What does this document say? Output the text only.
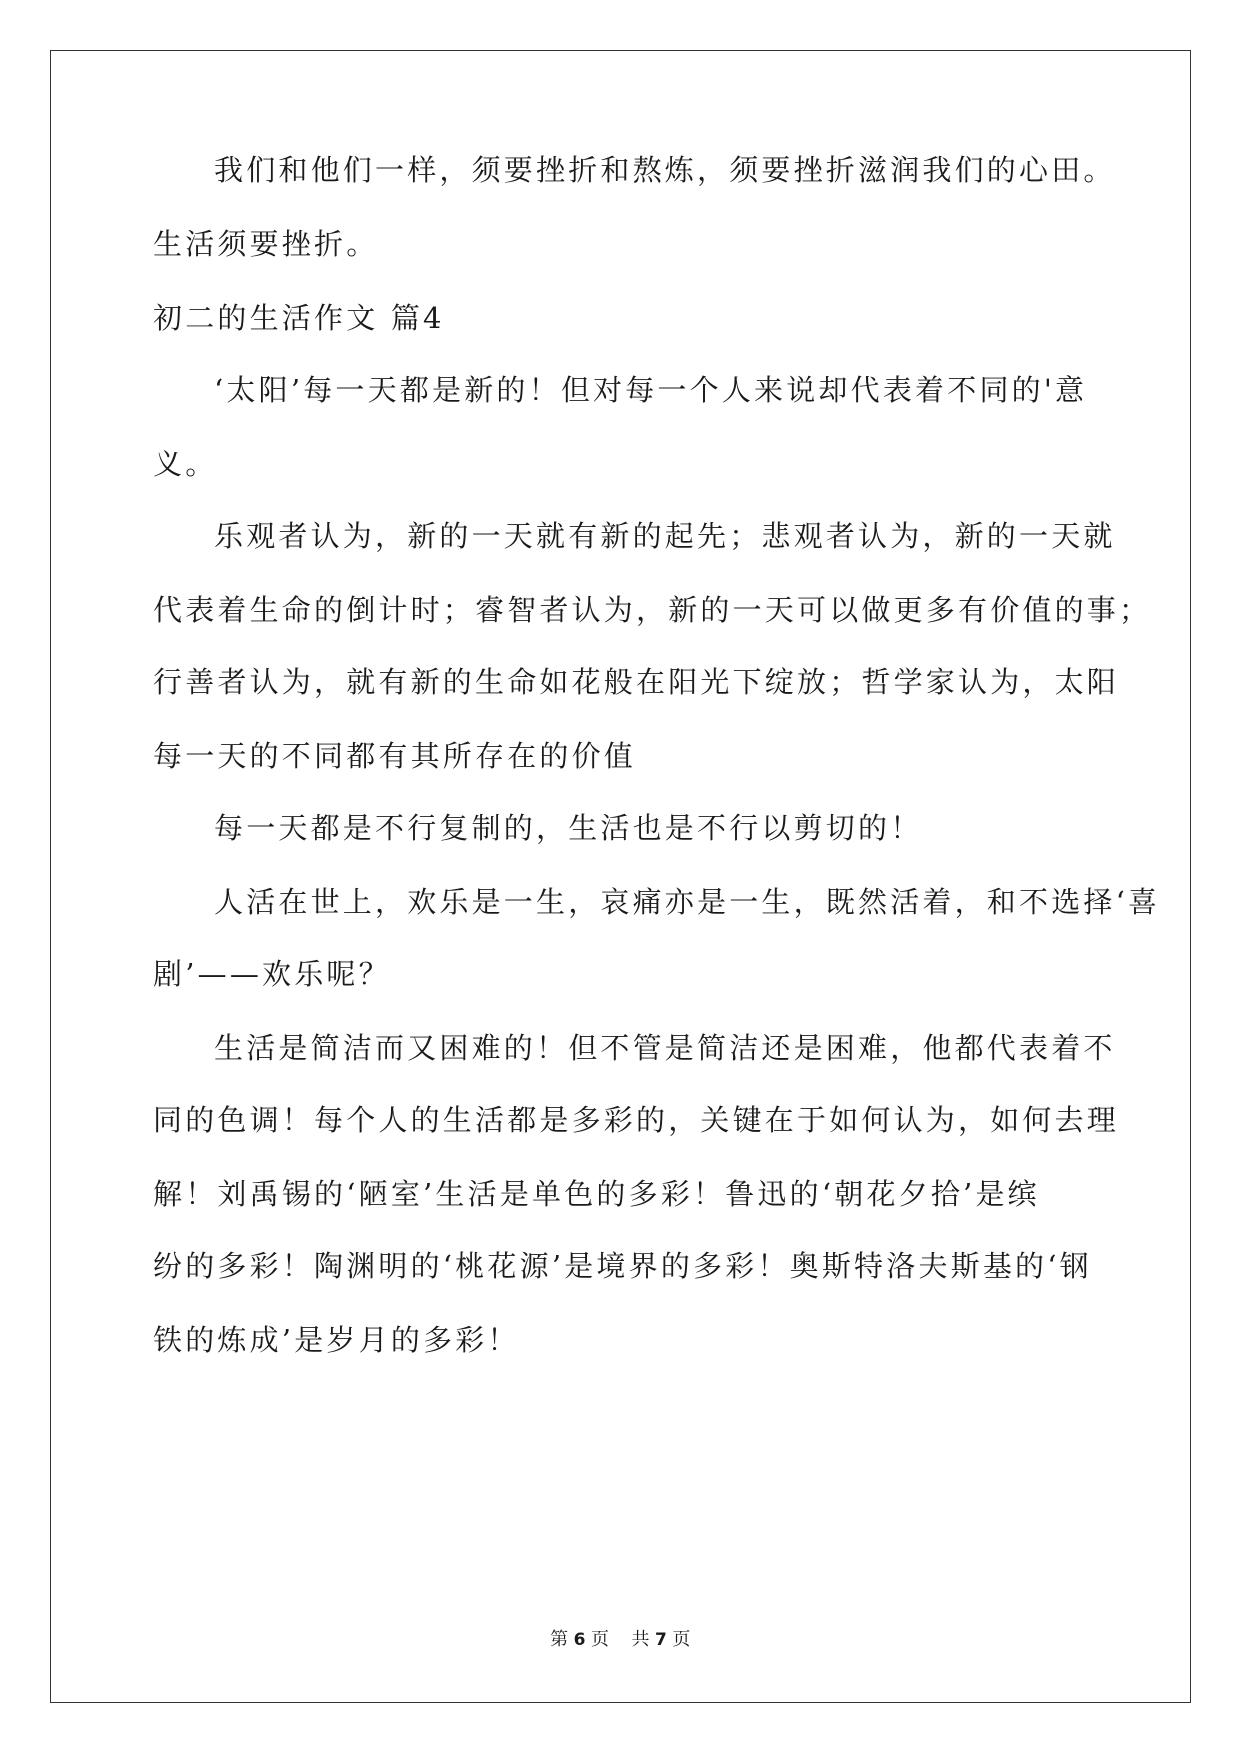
我们和他们一样，须要挫折和熬炼，须要挫折滋润我们的心田。
生活须要挫折。
初二的生活作文 篇4
‘太阳’每一天都是新的！但对每一个人来说却代表着不同的'意
义。
乐观者认为，新的一天就有新的起先；悲观者认为，新的一天就
代表着生命的倒计时；睿智者认为，新的一天可以做更多有价值的事；
行善者认为，就有新的生命如花般在阳光下绽放；哲学家认为，太阳
每一天的不同都有其所存在的价值
每一天都是不行复制的，生活也是不行以剪切的！
人活在世上，欢乐是一生，哀痛亦是一生，既然活着，和不选择‘喜
剧’——欢乐呢？
生活是简洁而又困难的！但不管是简洁还是困难，他都代表着不
同的色调！每个人的生活都是多彩的，关键在于如何认为，如何去理
解！刘禹锡的‘陋室’生活是单色的多彩！鲁迅的‘朝花夕拾’是缤
纷的多彩！陶渊明的‘桃花源’是境界的多彩！奥斯特洛夫斯基的‘钢
铁的炼成’是岁月的多彩！
第 6 页 共 7 页
